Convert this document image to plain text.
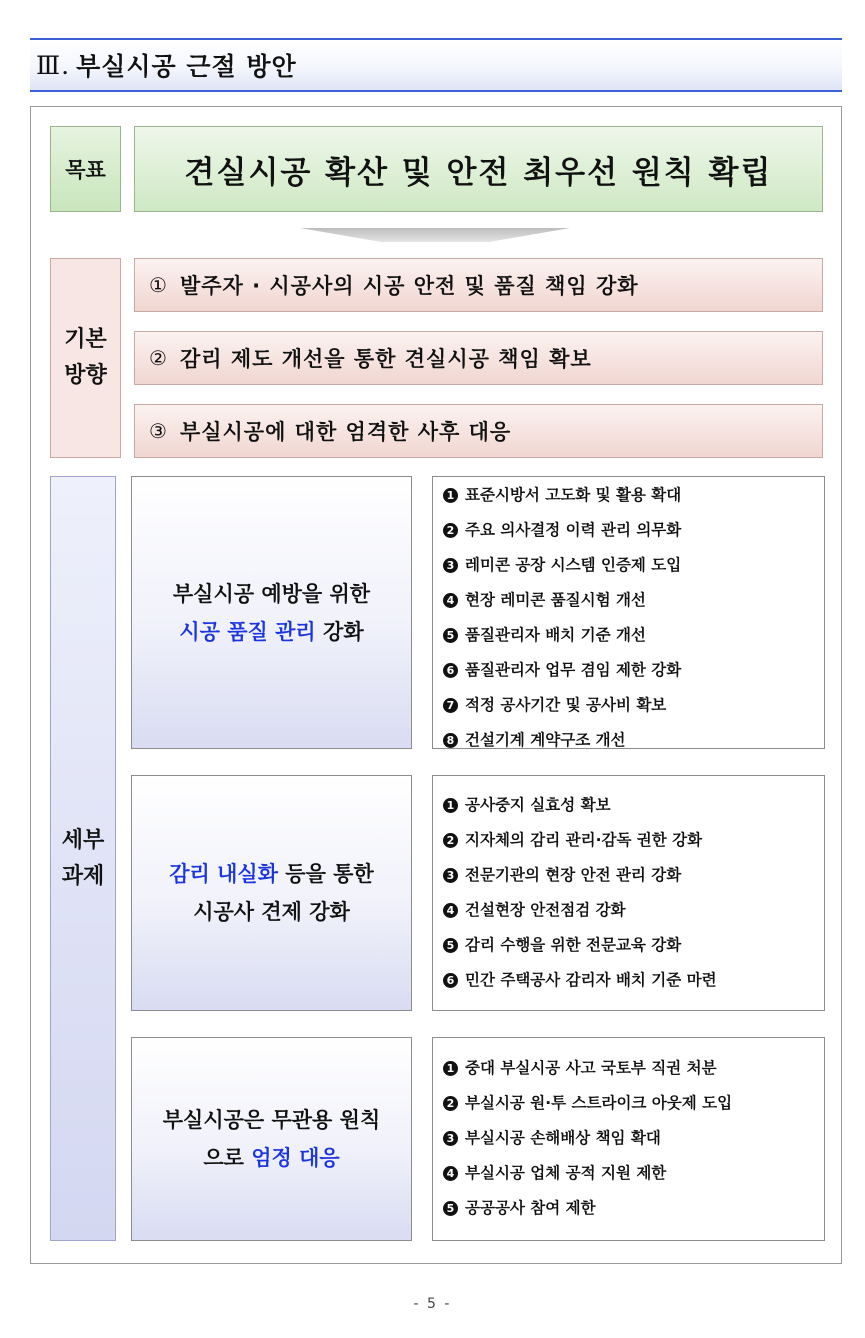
Ⅲ. 부실시공 근절 방안
목표	견실시공 확산 및 안전 최우선 원칙 확립
기본
방향
① 발주자 · 시공사의 시공 안전 및 품질 책임 강화
② 감리 제도 개선을 통한 견실시공 책임 확보
③ 부실시공에 대한 엄격한 사후 대응
세부
과제
부실시공 예방을 위한
시공 품질 관리 강화
1 표준시방서 고도화 및 활용 확대
2 주요 의사결정 이력 관리 의무화
3 레미콘 공장 시스템 인증제 도입
4 현장 레미콘 품질시험 개선
5 품질관리자 배치 기준 개선
6 품질관리자 업무 겸임 제한 강화
7 적정 공사기간 및 공사비 확보
8 건설기계 계약구조 개선
감리 내실화 등을 통한
시공사 견제 강화
1 공사중지 실효성 확보
2 지자체의 감리 관리·감독 권한 강화
3 전문기관의 현장 안전 관리 강화
4 건설현장 안전점검 강화
5 감리 수행을 위한 전문교육 강화
6 민간 주택공사 감리자 배치 기준 마련
부실시공은 무관용 원칙
으로 엄정 대응
1 중대 부실시공 사고 국토부 직권 처분
2 부실시공 원·투 스트라이크 아웃제 도입
3 부실시공 손해배상 책임 확대
4 부실시공 업체 공적 지원 제한
5 공공공사 참여 제한
- 5 -
